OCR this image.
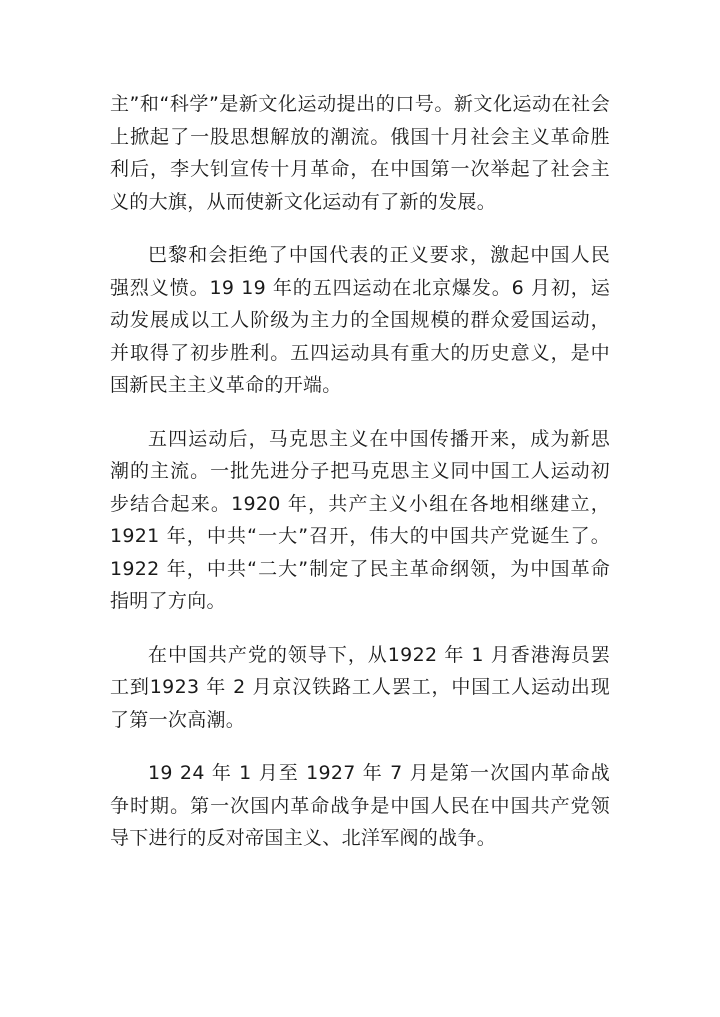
主”和“科学”是新文化运动提出的口号。新文化运动在社会上掀起了一股思想解放的潮流。俄国十月社会主义革命胜利后，李大钊宣传十月革命，在中国第一次举起了社会主义的大旗，从而使新文化运动有了新的发展。

巴黎和会拒绝了中国代表的正义要求，激起中国人民强烈义愤。19 19 年的五四运动在北京爆发。6 月初，运动发展成以工人阶级为主力的全国规模的群众爱国运动，并取得了初步胜利。五四运动具有重大的历史意义，是中国新民主主义革命的开端。

五四运动后，马克思主义在中国传播开来，成为新思潮的主流。一批先进分子把马克思主义同中国工人运动初步结合起来。1920 年，共产主义小组在各地相继建立，1921 年，中共“一大”召开，伟大的中国共产党诞生了。1922 年，中共“二大”制定了民主革命纲领，为中国革命指明了方向。

在中国共产党的领导下，从1922 年 1 月香港海员罢工到1923 年 2 月京汉铁路工人罢工，中国工人运动出现了第一次高潮。

19 24 年 1 月至 1927 年 7 月是第一次国内革命战争时期。第一次国内革命战争是中国人民在中国共产党领导下进行的反对帝国主义、北洋军阀的战争。
